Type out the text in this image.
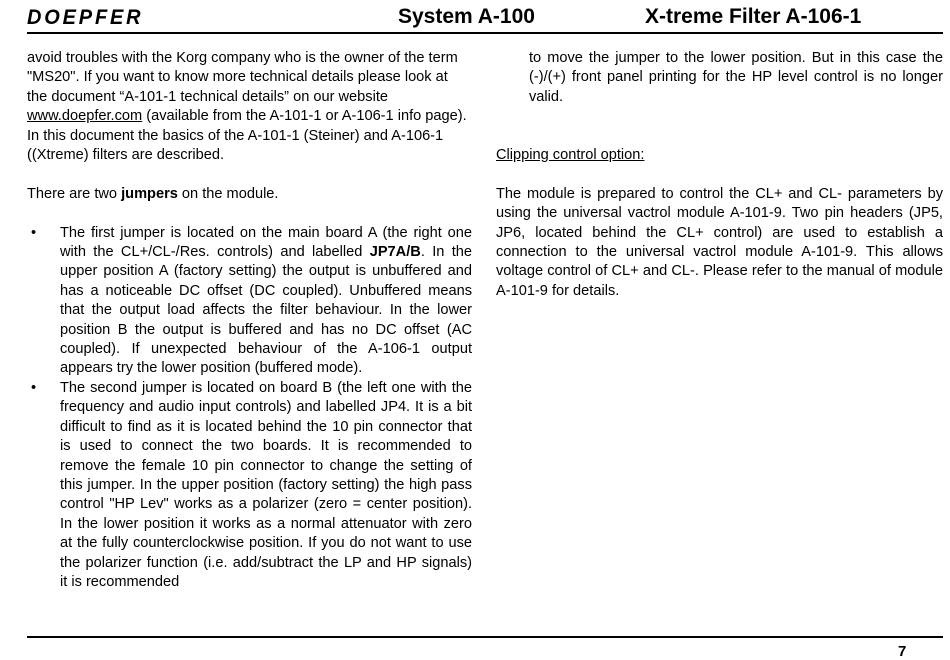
DOEPFER	System A-100	X-treme Filter A-106-1

avoid troubles with the Korg company who is the owner of the term "MS20". If you want to know more technical details please look at the document “A-101-1 technical details” on our website www.doepfer.com (available from the A-101-1 or A-106-1 info page). In this document the basics of the A-101-1 (Steiner) and A-106-1 ((Xtreme) filters are described.

There are two jumpers on the module.

• The first jumper is located on the main board A (the right one with the CL+/CL-/Res. controls) and labelled JP7A/B. In the upper position A (factory setting) the output is unbuffered and has a noticeable DC offset (DC coupled). Unbuffered means that the output load affects the filter behaviour. In the lower position B the output is buffered and has no DC offset (AC coupled). If unexpected behaviour of the A-106-1 output appears try the lower position (buffered mode).
• The second jumper is located on board B (the left one with the frequency and audio input controls) and labelled JP4. It is a bit difficult to find as it is located behind the 10 pin connector that is used to connect the two boards. It is recommended to remove the female 10 pin connector to change the setting of this jumper. In the upper position (factory setting) the high pass control "HP Lev" works as a polarizer (zero = center position). In the lower position it works as a normal attenuator with zero at the fully counterclockwise position. If you do not want to use the polarizer function (i.e. add/subtract the LP and HP signals) it is recommended

to move the jumper to the lower position. But in this case the (-)/(+) front panel printing for the HP level control is no longer valid.

Clipping control option:

The module is prepared to control the CL+ and CL- parameters by using the universal vactrol module A-101-9. Two pin headers (JP5, JP6, located behind the CL+ control) are used to establish a connection to the universal vactrol module A-101-9. This allows voltage control of CL+ and CL-. Please refer to the manual of module A-101-9 for details.

7
